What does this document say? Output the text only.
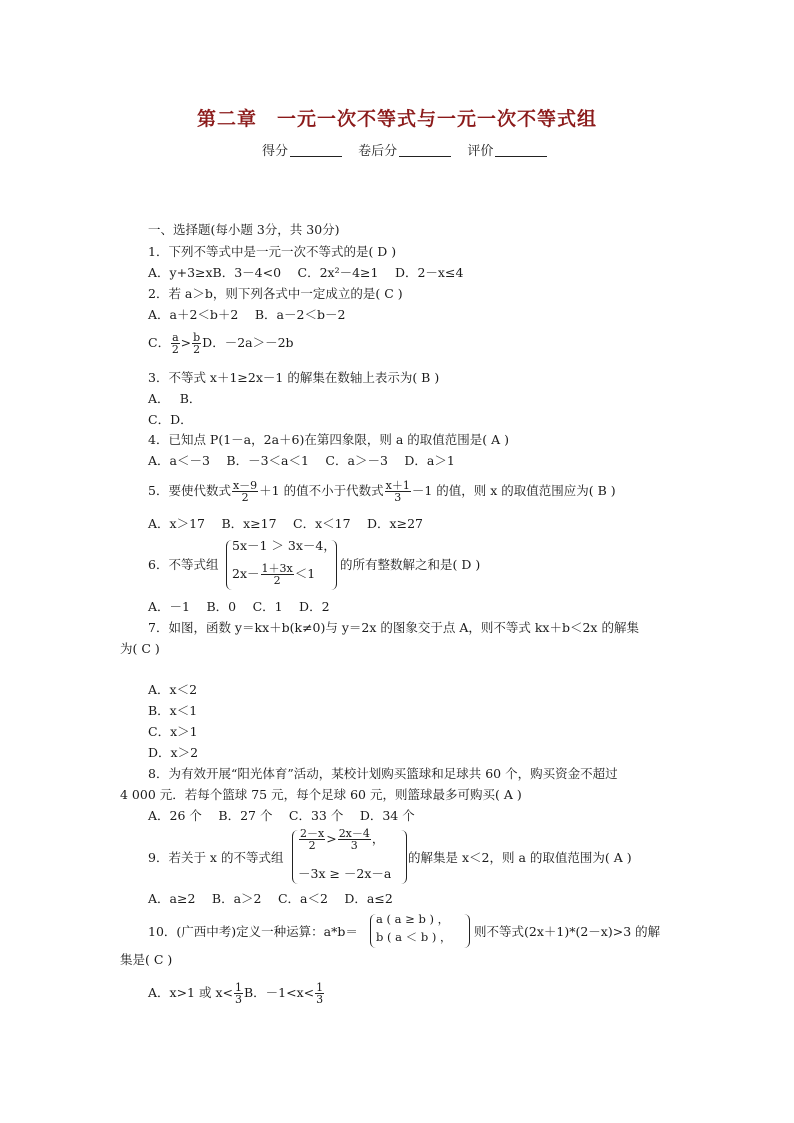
第二章　一元一次不等式与一元一次不等式组
得分	卷后分	评价
一、选择题(每小题 3分，共 30分)
1．下列不等式中是一元一次不等式的是( D )
A．y+3≥xB．3－4<0　 C．2x²－4≥1　 D．2－x≤4
2．若 a＞b，则下列各式中一定成立的是( C )
A．a＋2＜b＋2　 B．a－2＜b－2
C． $\frac{a}{2} > \frac{b}{2}$ D．－2a＞－2b
3．不等式 x＋1≥2x－1 的解集在数轴上表示为( B )
A．　 B．
C．D．
4．已知点 P(1－a，2a＋6)在第四象限，则 a 的取值范围是( A )
A．a＜－3　 B．－3＜a＜1　 C．a＞－3　 D．a＞1
5．要使代数式 $\frac{x-9}{2} +1$ 的值不小于代数式 $\frac{x+1}{3} -1$ 的值，则 x 的取值范围应为( B )
A．x＞17　 B．x≥17　 C．x＜17　 D．x≥27
6．不等式组
5x－1 ＞ 3x－4，
$2x- \frac{1+3x}{2} <1$
的所有整数解之和是( D )
A．－1　 B．0　 C．1　 D．2
7．如图，函数 y＝kx＋b(k≠0)与 y＝2x 的图象交于点 A，则不等式 kx＋b＜2x 的解集
为( C )
A．x＜2
B．x＜1
C．x＞1
D．x＞2
8．为有效开展“阳光体育”活动，某校计划购买篮球和足球共 60 个，购买资金不超过
4 000 元．若每个篮球 75 元，每个足球 60 元，则篮球最多可购买( A )
A．26 个　 B．27 个　 C．33 个　 D．34 个
9．若关于 x 的不等式组
$\frac{2-x}{2} > \frac{2x-4}{3}$ ，
－3x ≥ －2x－a
的解集是 x＜2，则 a 的取值范围为( A )
A．a≥2　 B．a＞2　 C．a＜2　 D．a≤2
10．(广西中考)定义一种运算：a*b＝
a ( a ≥ b ) ，
b ( a ＜ b ) ， 则不等式(2x＋1)*(2－x)>3 的解
集是( C )
A．x>1 或 $x< \frac{1}{3}$ B．$-1<x< \frac{1}{3}$
